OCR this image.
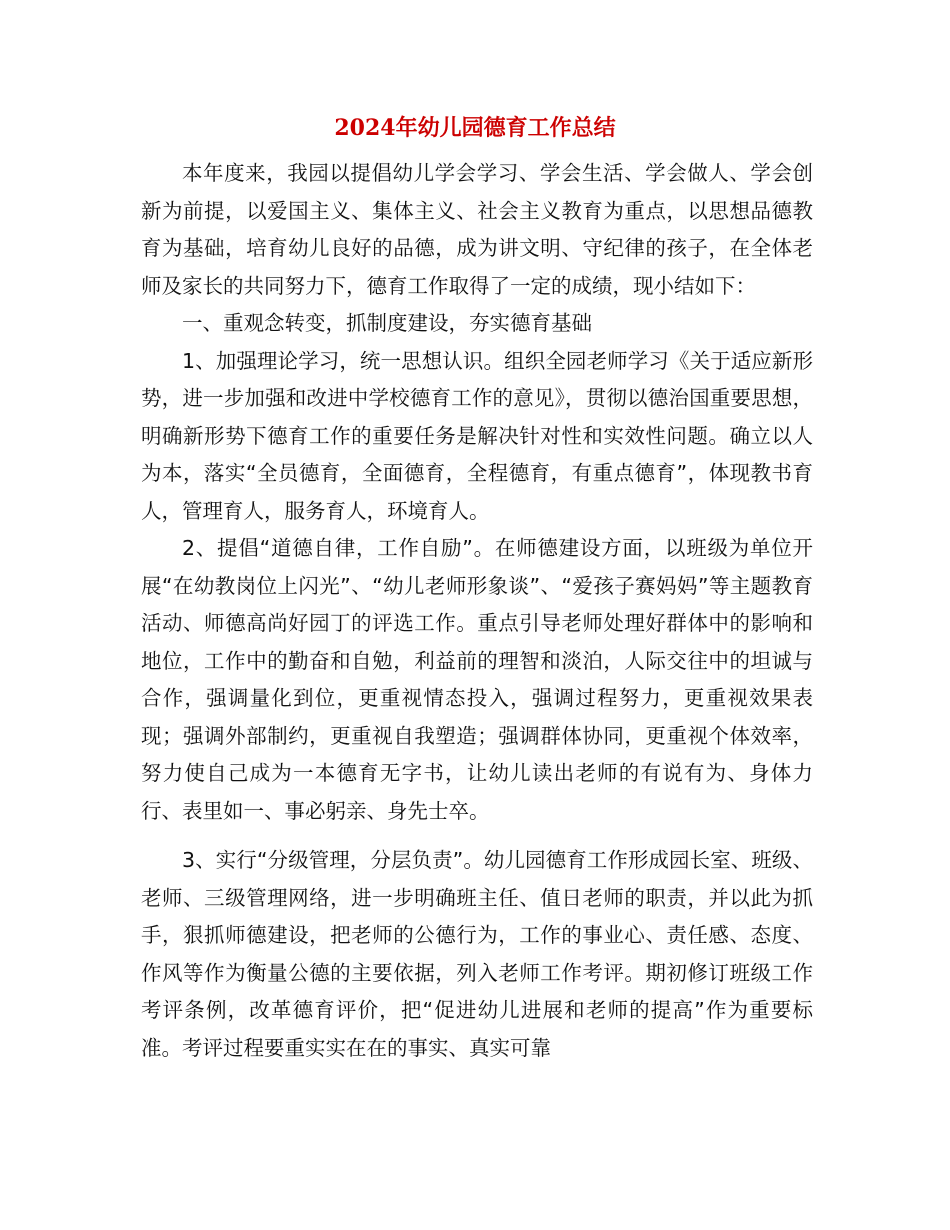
2024年幼儿园德育工作总结

本年度来，我园以提倡幼儿学会学习、学会生活、学会做人、学会创新为前提，以爱国主义、集体主义、社会主义教育为重点，以思想品德教育为基础，培育幼儿良好的品德，成为讲文明、守纪律的孩子，在全体老师及家长的共同努力下，德育工作取得了一定的成绩，现小结如下：

一、重观念转变，抓制度建设，夯实德育基础

1、加强理论学习，统一思想认识。组织全园老师学习《关于适应新形势，进一步加强和改进中学校德育工作的意见》，贯彻以德治国重要思想，明确新形势下德育工作的重要任务是解决针对性和实效性问题。确立以人为本，落实“全员德育，全面德育，全程德育，有重点德育”，体现教书育人，管理育人，服务育人，环境育人。

2、提倡“道德自律，工作自励”。在师德建设方面，以班级为单位开展“在幼教岗位上闪光”、“幼儿老师形象谈”、“爱孩子赛妈妈”等主题教育活动、师德高尚好园丁的评选工作。重点引导老师处理好群体中的影响和地位，工作中的勤奋和自勉，利益前的理智和淡泊，人际交往中的坦诚与合作，强调量化到位，更重视情态投入，强调过程努力，更重视效果表现；强调外部制约，更重视自我塑造；强调群体协同，更重视个体效率，努力使自己成为一本德育无字书，让幼儿读出老师的有说有为、身体力行、表里如一、事必躬亲、身先士卒。

3、实行“分级管理，分层负责”。幼儿园德育工作形成园长室、班级、老师、三级管理网络，进一步明确班主任、值日老师的职责，并以此为抓手，狠抓师德建设，把老师的公德行为，工作的事业心、责任感、态度、作风等作为衡量公德的主要依据，列入老师工作考评。期初修订班级工作考评条例，改革德育评价，把“促进幼儿进展和老师的提高”作为重要标准。考评过程要重实实在在的事实、真实可靠
